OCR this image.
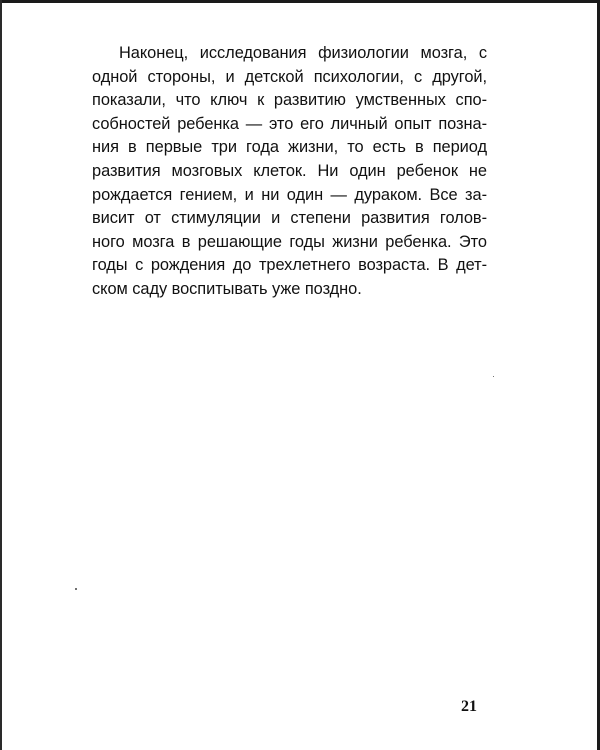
Наконец, исследования физиологии мозга, с
одной стороны, и детской психологии, с другой,
показали, что ключ к развитию умственных спо-
собностей ребенка — это его личный опыт позна-
ния в первые три года жизни, то есть в период
развития мозговых клеток. Ни один ребенок не
рождается гением, и ни один — дураком. Все за-
висит от стимуляции и степени развития голов-
ного мозга в решающие годы жизни ребенка. Это
годы с рождения до трехлетнего возраста. В дет-
ском саду воспитывать уже поздно.
21
